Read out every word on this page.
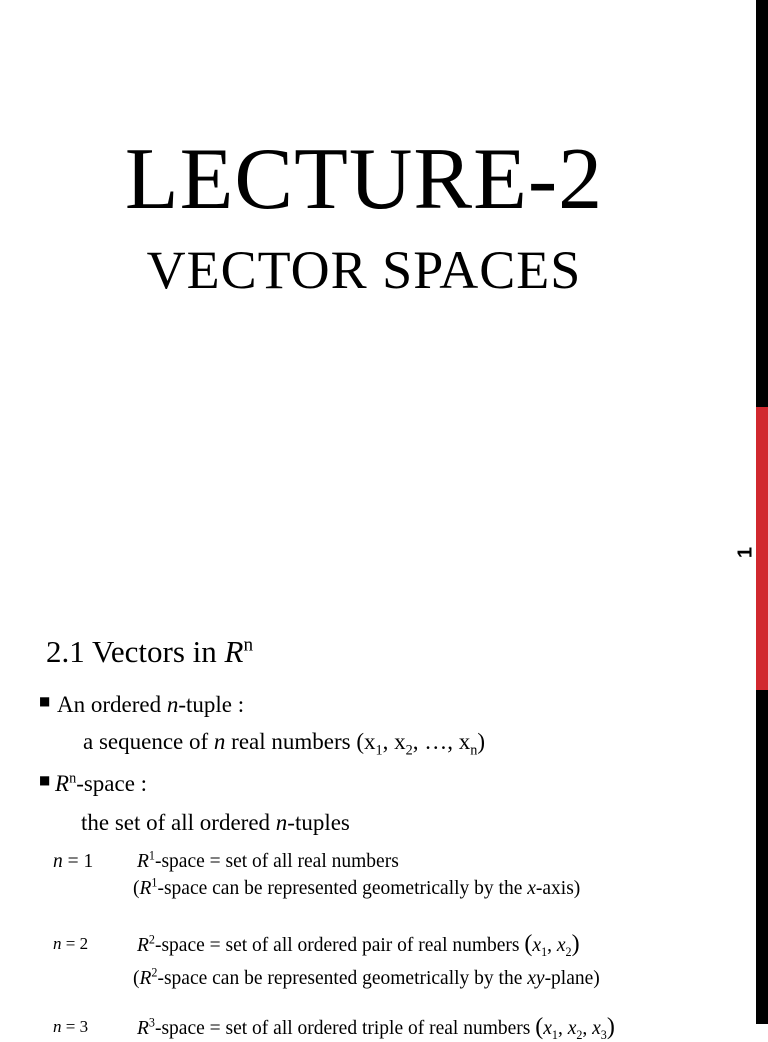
1
LECTURE-2
VECTOR SPACES
2.1 Vectors in $R^n$
■ An ordered n-tuple :
a sequence of n real numbers ($x_1$, $x_2$, …, $x_n$)
■ $R^n$-space :
the set of all ordered n-tuples
n = 1 $R^1$-space = set of all real numbers
($R^1$-space can be represented geometrically by the x-axis)
n = 2	$R^2$-space = set of all ordered pair of real numbers ($x_1$, $x_2$)
($R^2$-space can be represented geometrically by the xy-plane)
n = 3	$R^3$-space = set of all ordered triple of real numbers ($x_1$, $x_2$, $x_3$)
